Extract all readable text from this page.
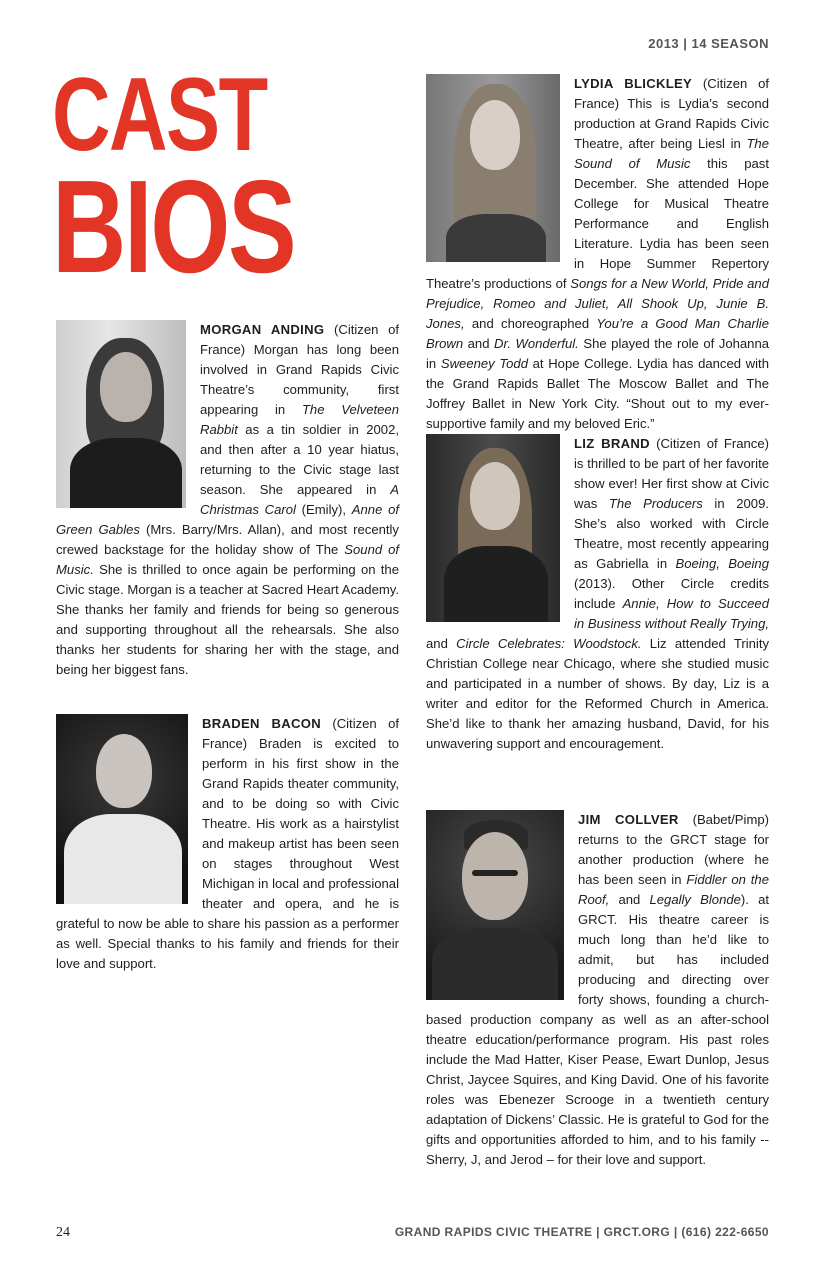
2013 | 14 SEASON
CAST
BIOS
MORGAN ANDING (Citizen of France) Morgan has long been involved in Grand Rapids Civic Theatre’s community, first appearing in The Velveteen Rabbit as a tin soldier in 2002, and then after a 10 year hiatus, returning to the Civic stage last season. She appeared in A Christmas Carol (Emily), Anne of Green Gables (Mrs. Barry/Mrs. Allan), and most recently crewed backstage for the holiday show of The Sound of Music. She is thrilled to once again be performing on the Civic stage. Morgan is a teacher at Sacred Heart Academy. She thanks her family and friends for being so generous and supporting throughout all the rehearsals. She also thanks her students for sharing her with the stage, and being her biggest fans.
BRADEN BACON (Citizen of France) Braden is excited to perform in his first show in the Grand Rapids theater community, and to be doing so with Civic Theatre. His work as a hairstylist and makeup artist has been seen on stages throughout West Michigan in local and professional theater and opera, and he is grateful to now be able to share his passion as a performer as well. Special thanks to his family and friends for their love and support.
LYDIA BLICKLEY (Citizen of France) This is Lydia’s second production at Grand Rapids Civic Theatre, after being Liesl in The Sound of Music this past December. She attended Hope College for Musical Theatre Performance and English Literature. Lydia has been seen in Hope Summer Repertory Theatre’s productions of Songs for a New World, Pride and Prejudice, Romeo and Juliet, All Shook Up, Junie B. Jones, and choreographed You’re a Good Man Charlie Brown and Dr. Wonderful. She played the role of Johanna in Sweeney Todd at Hope College. Lydia has danced with the Grand Rapids Ballet The Moscow Ballet and The Joffrey Ballet in New York City. “Shout out to my ever-supportive family and my beloved Eric.”
LIZ BRAND (Citizen of France) is thrilled to be part of her favorite show ever! Her first show at Civic was The Producers in 2009. She’s also worked with Circle Theatre, most recently appearing as Gabriella in Boeing, Boeing (2013). Other Circle credits include Annie, How to Succeed in Business without Really Trying, and Circle Celebrates: Woodstock. Liz attended Trinity Christian College near Chicago, where she studied music and participated in a number of shows. By day, Liz is a writer and editor for the Reformed Church in America. She’d like to thank her amazing husband, David, for his unwavering support and encouragement.
JIM COLLVER (Babet/Pimp) returns to the GRCT stage for another production (where he has been seen in Fiddler on the Roof, and Legally Blonde). at GRCT. His theatre career is much long than he’d like to admit, but has included producing and directing over forty shows, founding a church-based production company as well as an after-school theatre education/performance program. His past roles include the Mad Hatter, Kiser Pease, Ewart Dunlop, Jesus Christ, Jaycee Squires, and King David. One of his favorite roles was Ebenezer Scrooge in a twentieth century adaptation of Dickens’ Classic. He is grateful to God for the gifts and opportunities afforded to him, and to his family -- Sherry, J, and Jerod – for their love and support.
24	GRAND RAPIDS CIVIC THEATRE | GRCT.ORG | (616) 222-6650
